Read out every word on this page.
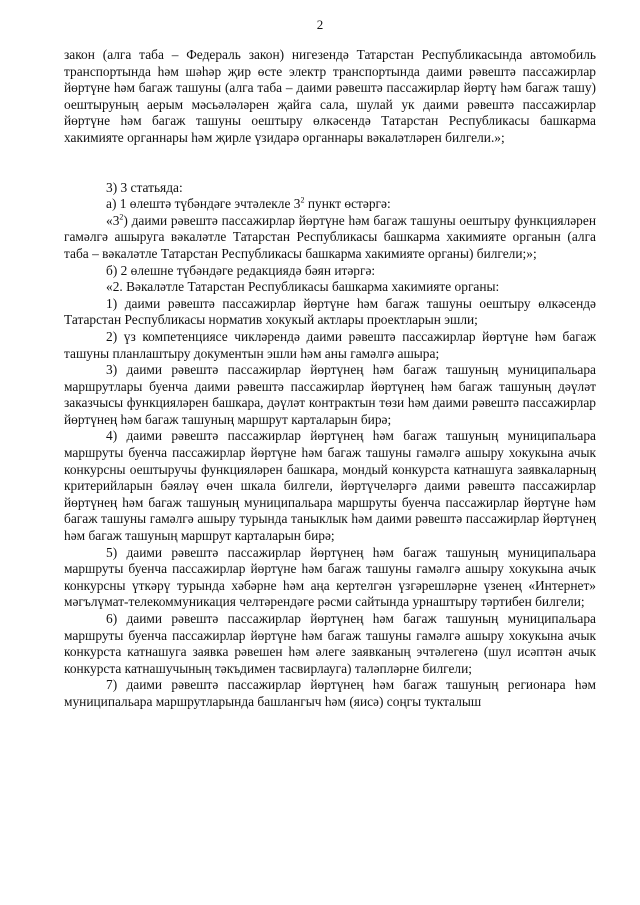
2

закон (алга таба – Федераль закон) нигезендә Татарстан Республикасында автомобиль транспортында һәм шәһәр җир өсте электр транспортында даими рәвештә пассажирлар йөртүне һәм багаж ташуны (алга таба – даими рәвештә пассажирлар йөртү һәм багаж ташу) оештыруның аерым мәсьәләләрен җайга сала, шулай ук даими рәвештә пассажирлар йөртүне һәм багаж ташуны оештыру өлкәсендә Татарстан Республикасы башкарма хакимияте органнары һәм җирле үзидарә органнары вәкаләтләрен билгели.»;

3) 3 статьяда:

а) 1 өлештә түбәндәге эчтәлекле $3^2$ пункт өстәргә:

«$3^2$) даими рәвештә пассажирлар йөртүне һәм багаж ташуны оештыру функцияләрен гамәлгә ашыруга вәкаләтле Татарстан Республикасы башкарма хакимияте органын (алга таба – вәкаләтле Татарстан Республикасы башкарма хакимияте органы) билгели;»;

б) 2 өлешне түбәндәге редакциядә бәян итәргә:

«2. Вәкаләтле Татарстан Республикасы башкарма хакимияте органы:

1) даими рәвештә пассажирлар йөртүне һәм багаж ташуны оештыру өлкәсендә Татарстан Республикасы норматив хокукый актлары проектларын эшли;

2) үз компетенциясе чикләрендә даими рәвештә пассажирлар йөртүне һәм багаж ташуны планлаштыру документын эшли һәм аны гамәлгә ашыра;

3) даими рәвештә пассажирлар йөртүнең һәм багаж ташуның муниципальара маршрутлары буенча даими рәвештә пассажирлар йөртүнең һәм багаж ташуның дәүләт заказчысы функцияләрен башкара, дәүләт контрактын төзи һәм даими рәвештә пассажирлар йөртүнең һәм багаж ташуның маршрут карталарын бирә;

4) даими рәвештә пассажирлар йөртүнең һәм багаж ташуның муниципальара маршруты буенча пассажирлар йөртүне һәм багаж ташуны гамәлгә ашыру хокукына ачык конкурсны оештыручы функцияләрен башкара, мондый конкурста катнашуга заявкаларның критерийларын бәяләү өчен шкала билгели, йөртүчеләргә даими рәвештә пассажирлар йөртүнең һәм багаж ташуның муниципальара маршруты буенча пассажирлар йөртүне һәм багаж ташуны гамәлгә ашыру турында таныклык һәм даими рәвештә пассажирлар йөртүнең һәм багаж ташуның маршрут карталарын бирә;

5) даими рәвештә пассажирлар йөртүнең һәм багаж ташуның муниципальара маршруты буенча пассажирлар йөртүне һәм багаж ташуны гамәлгә ашыру хокукына ачык конкурсны үткәрү турында хәбәрне һәм аңа кертелгән үзгәрешләрне үзенең «Интернет» мәгълүмат-телекоммуникация челтәрендәге рәсми сайтында урнаштыру тәртибен билгели;

6) даими рәвештә пассажирлар йөртүнең һәм багаж ташуның муниципальара маршруты буенча пассажирлар йөртүне һәм багаж ташуны гамәлгә ашыру хокукына ачык конкурста катнашуга заявка рәвешен һәм әлеге заявканың эчтәлегенә (шул исәптән ачык конкурста катнашучының тәкъдимен тасвирлауга) таләпләрне билгели;

7) даими рәвештә пассажирлар йөртүнең һәм багаж ташуның регионара һәм муниципальара маршрутларында башлангыч һәм (яисә) соңгы тукталыш
